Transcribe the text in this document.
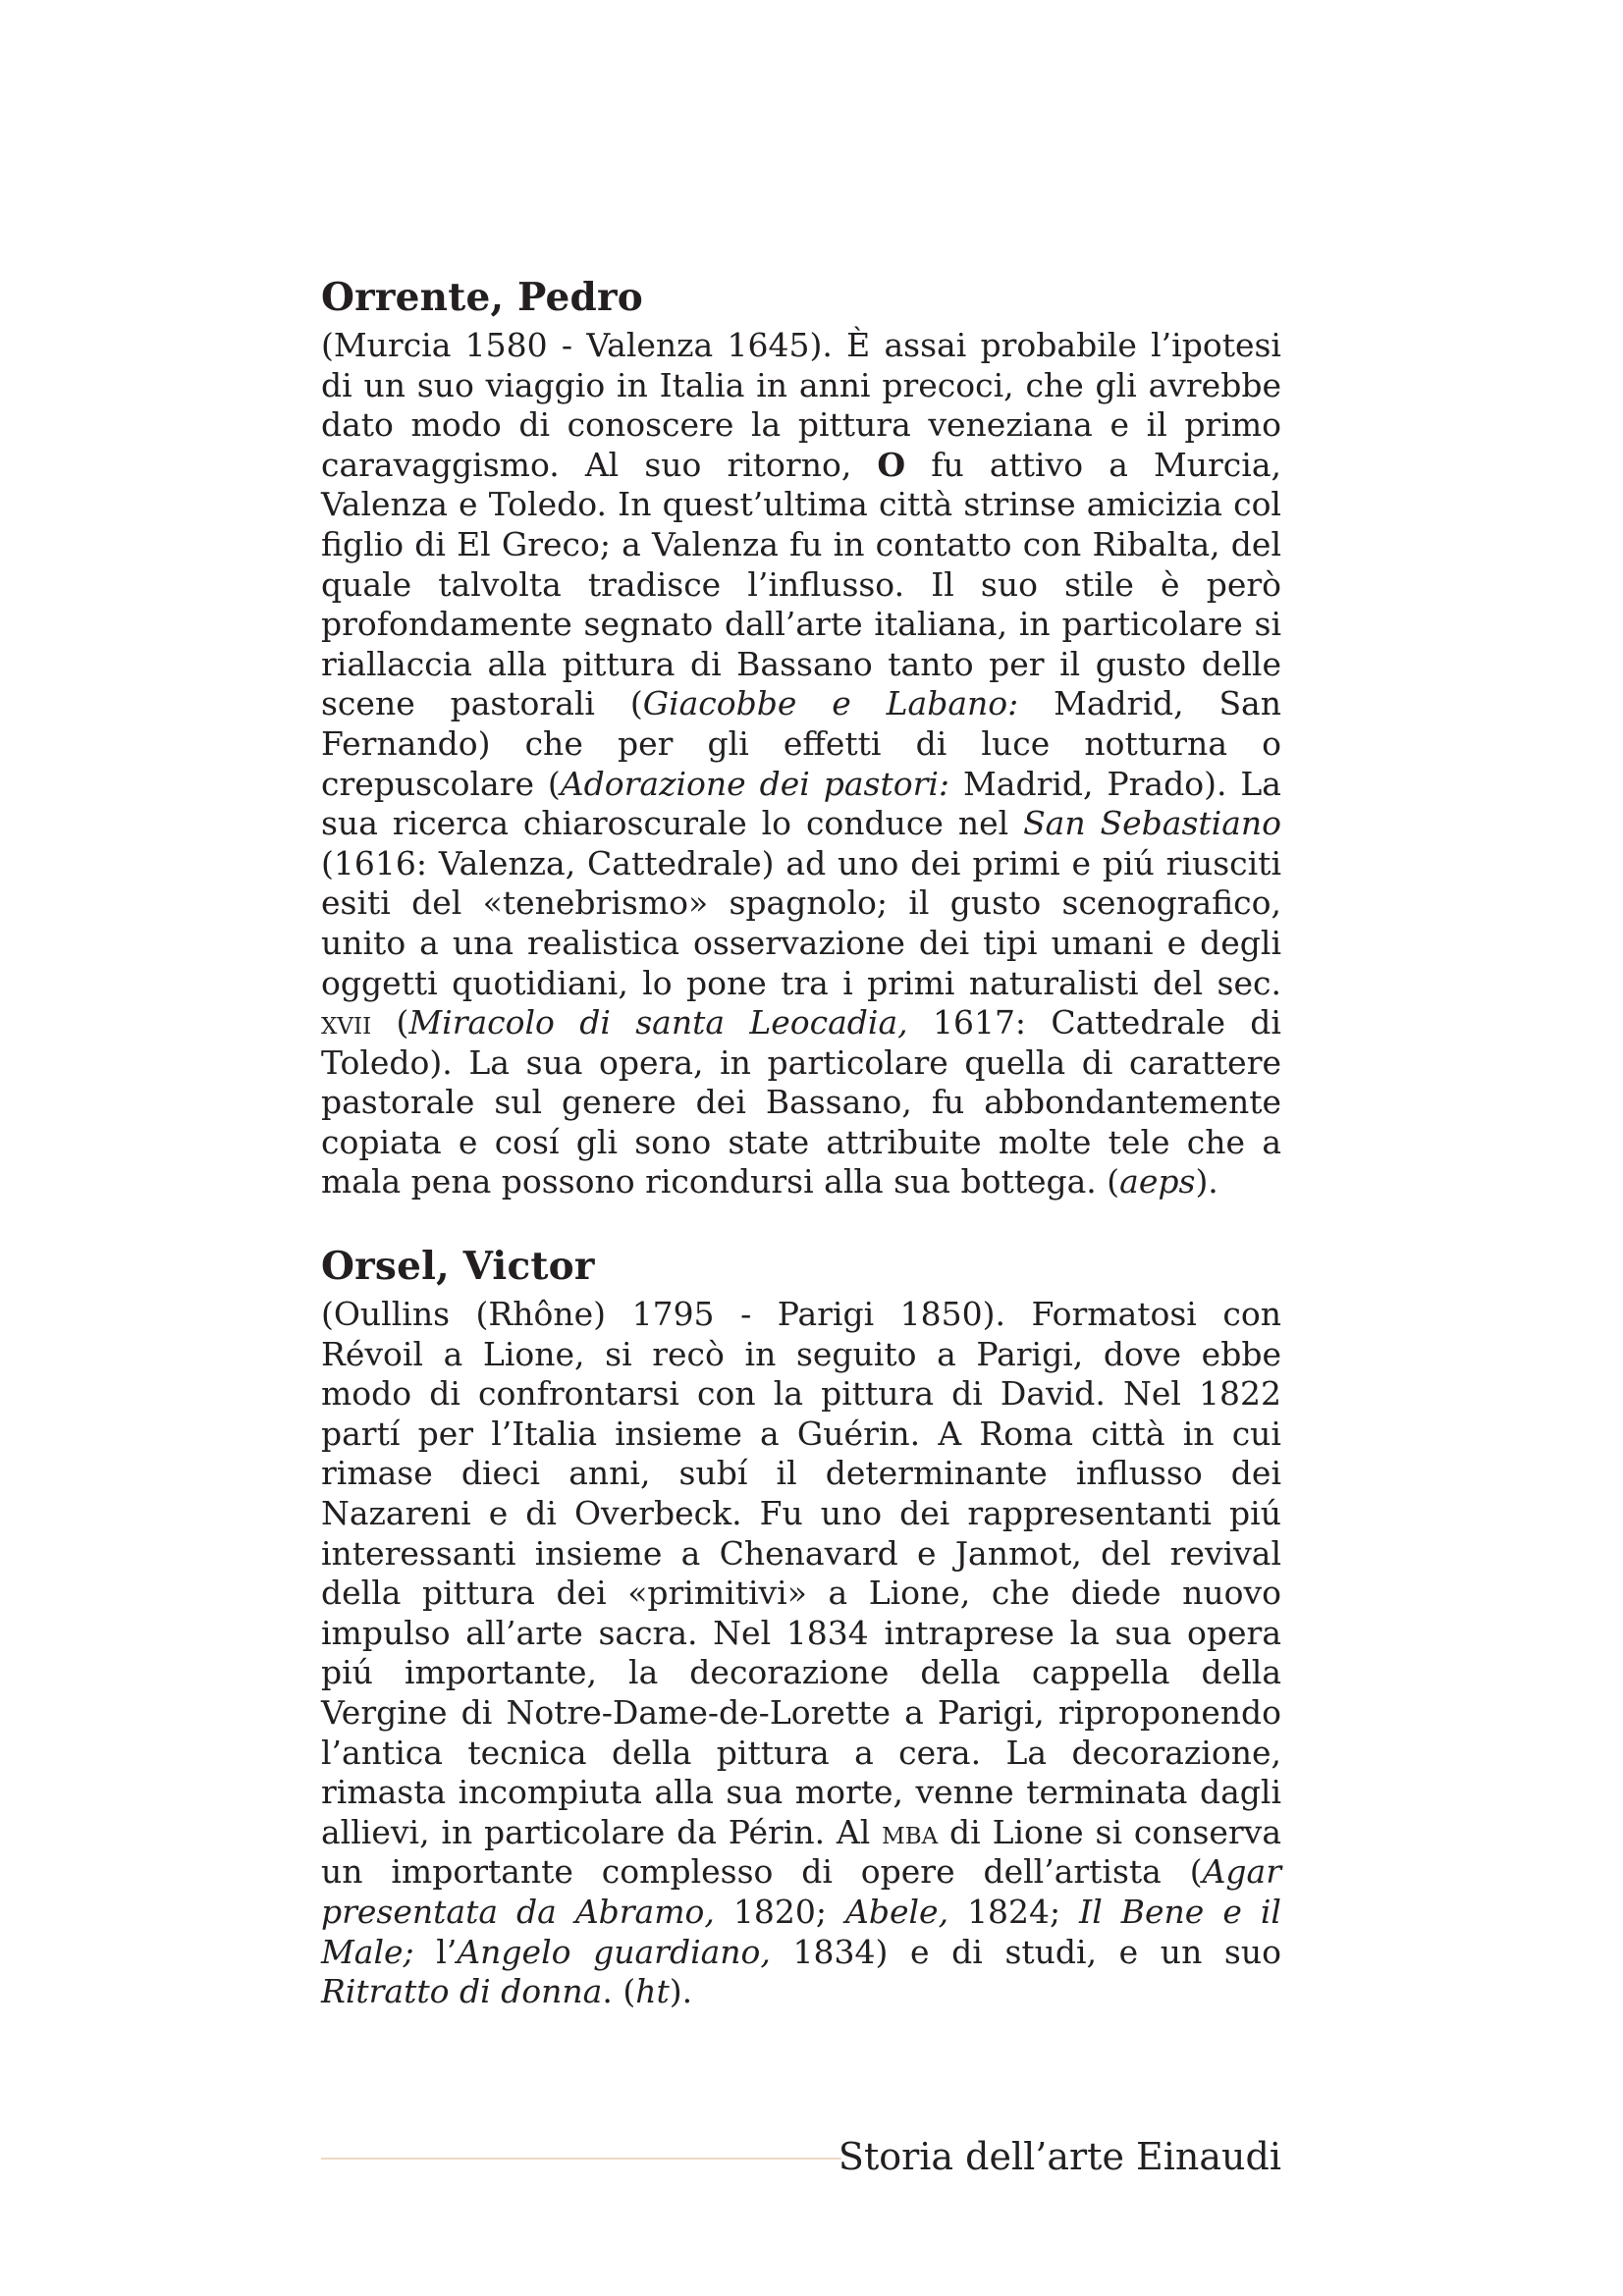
Orrente, Pedro

(Murcia 1580 - Valenza 1645). È assai probabile l’ipotesi di un suo viaggio in Italia in anni precoci, che gli avrebbe dato modo di conoscere la pittura veneziana e il primo caravaggismo. Al suo ritorno, O fu attivo a Murcia, Valenza e Toledo. In quest’ultima città strinse amicizia col figlio di El Greco; a Valenza fu in contatto con Ribalta, del quale talvolta tradisce l’influsso. Il suo stile è però profondamente segnato dall’arte italiana, in particolare si riallaccia alla pittura di Bassano tanto per il gusto delle scene pastorali (Giacobbe e Labano: Madrid, San Fernando) che per gli effetti di luce notturna o crepuscolare (Adorazione dei pastori: Madrid, Prado). La sua ricerca chiaroscurale lo conduce nel San Sebastiano (1616: Valenza, Cattedrale) ad uno dei primi e piú riusciti esiti del «tenebrismo» spagnolo; il gusto scenografico, unito a una realistica osservazione dei tipi umani e degli oggetti quotidiani, lo pone tra i primi naturalisti del sec. xvii (Miracolo di santa Leocadia, 1617: Cattedrale di Toledo). La sua opera, in particolare quella di carattere pastorale sul genere dei Bassano, fu abbondantemente copiata e cosí gli sono state attribuite molte tele che a mala pena possono ricondursi alla sua bottega. (aeps).

Orsel, Victor

(Oullins (Rhône) 1795 - Parigi 1850). Formatosi con Révoil a Lione, si recò in seguito a Parigi, dove ebbe modo di confrontarsi con la pittura di David. Nel 1822 partí per l’Italia insieme a Guérin. A Roma città in cui rimase dieci anni, subí il determinante influsso dei Nazareni e di Overbeck. Fu uno dei rappresentanti piú interessanti insieme a Chenavard e Janmot, del revival della pittura dei «primitivi» a Lione, che diede nuovo impulso all’arte sacra. Nel 1834 intraprese la sua opera piú importante, la decorazione della cappella della Vergine di Notre-Dame-de-Lorette a Parigi, riproponendo l’antica tecnica della pittura a cera. La decorazione, rimasta incompiuta alla sua morte, venne terminata dagli allievi, in particolare da Périn. Al mba di Lione si conserva un importante complesso di opere dell’artista (Agar presentata da Abramo, 1820; Abele, 1824; Il Bene e il Male; l’Angelo guardiano, 1834) e di studi, e un suo Ritratto di donna. (ht).

Storia dell’arte Einaudi
